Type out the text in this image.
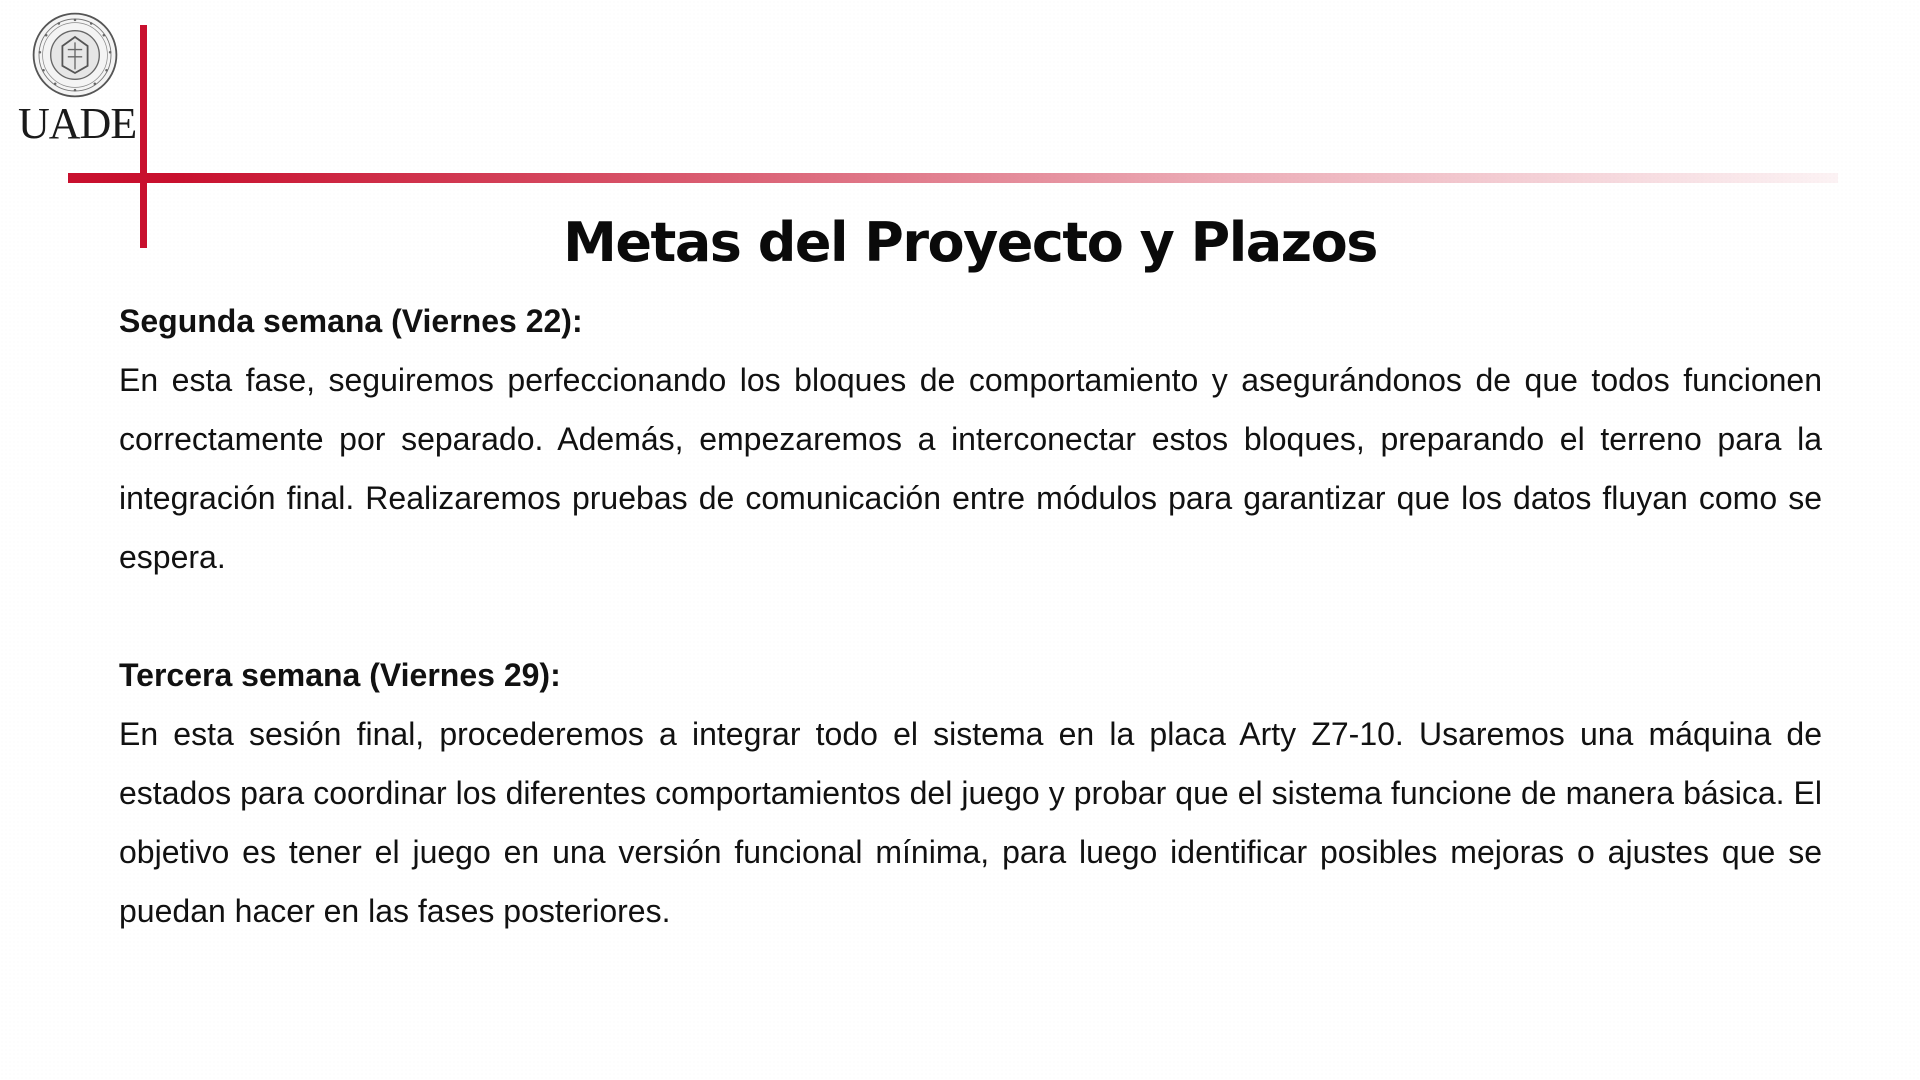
UADE
Metas del Proyecto y Plazos

Segunda semana (Viernes 22):

En esta fase, seguiremos perfeccionando los bloques de comportamiento y asegurándonos de que todos funcionen correctamente por separado. Además, empezaremos a interconectar estos bloques, preparando el terreno para la integración final. Realizaremos pruebas de comunicación entre módulos para garantizar que los datos fluyan como se espera.

Tercera semana (Viernes 29):

En esta sesión final, procederemos a integrar todo el sistema en la placa Arty Z7-10. Usaremos una máquina de estados para coordinar los diferentes comportamientos del juego y probar que el sistema funcione de manera básica. El objetivo es tener el juego en una versión funcional mínima, para luego identificar posibles mejoras o ajustes que se puedan hacer en las fases posteriores.
